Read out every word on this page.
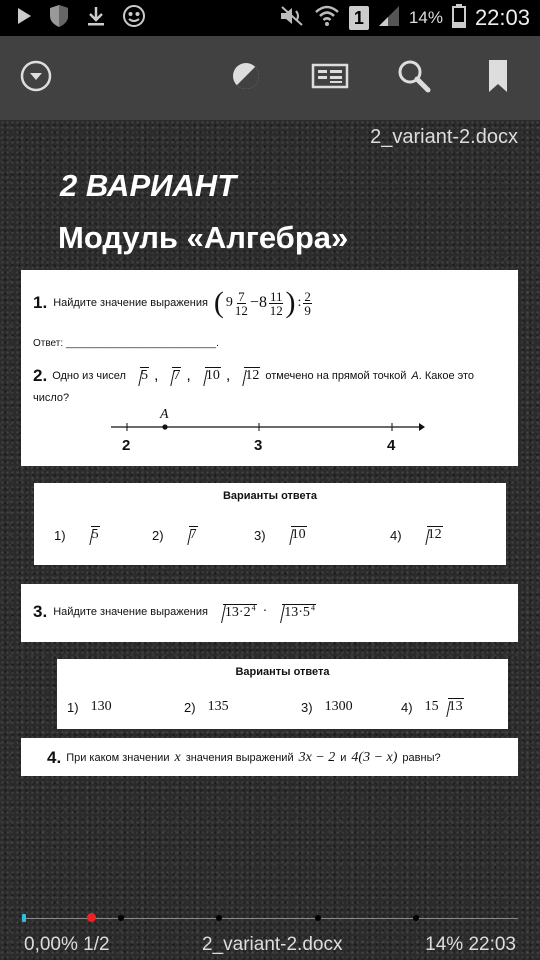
1	14% 22:03
2_variant-2.docx
2 ВАРИАНТ
Модуль «Алгебра»
1. Найдите значение выражения ( $9 \frac{7}{12} -8 \frac{11}{12}$ ) : $\frac{2}{9}$
Ответ: ___________________________.
2. Одно из чисел	5 ,	7 ,	10 ,	12 отмечено на прямой точкой A . Какое это
число?
A
2	3	4
Варианты ответа
1)	5	2)	7	3)	10	4)	12
3. Найдите значение выражения	$13\cdot 2^4$ ·	$13\cdot 5^4$
Варианты ответа
1) 130	2) 135	3) 1300	4) 15 13
4. При каком значении x значения выражений 3x − 2 и 4(3 − x) равны?
0,00% 1/2	2_variant-2.docx	14% 22:03
